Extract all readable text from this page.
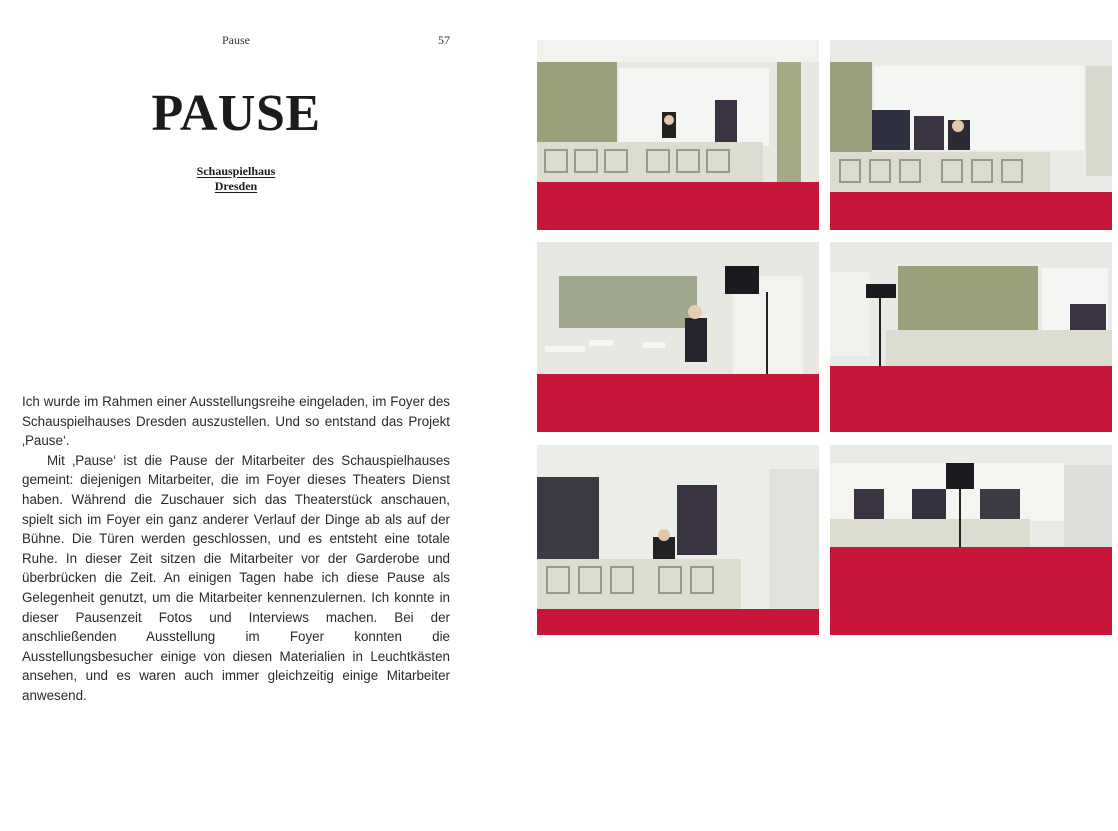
Pause	57
PAUSE
Schauspielhaus
Dresden

Ich wurde im Rahmen einer Ausstellungsreihe eingeladen, im Foyer des Schauspielhauses Dresden auszustellen. Und so entstand das Projekt ‚Pause‘.

Mit ‚Pause‘ ist die Pause der Mitarbeiter des Schauspielhauses gemeint: diejenigen Mitarbeiter, die im Foyer dieses Theaters Dienst haben. Während die Zuschauer sich das Theaterstück anschauen, spielt sich im Foyer ein ganz anderer Verlauf der Dinge ab als auf der Bühne. Die Türen werden geschlossen, und es entsteht eine totale Ruhe. In dieser Zeit sitzen die Mitarbeiter vor der Garderobe und überbrücken die Zeit. An einigen Tagen habe ich diese Pause als Gelegenheit genutzt, um die Mitarbeiter kennenzulernen. Ich konnte in dieser Pausenzeit Fotos und Interviews machen. Bei der anschließenden Ausstellung im Foyer konnten die Ausstellungsbesucher einige von diesen Materialien in Leuchtkästen ansehen, und es waren auch immer gleichzeitig einige Mitarbeiter anwesend.
